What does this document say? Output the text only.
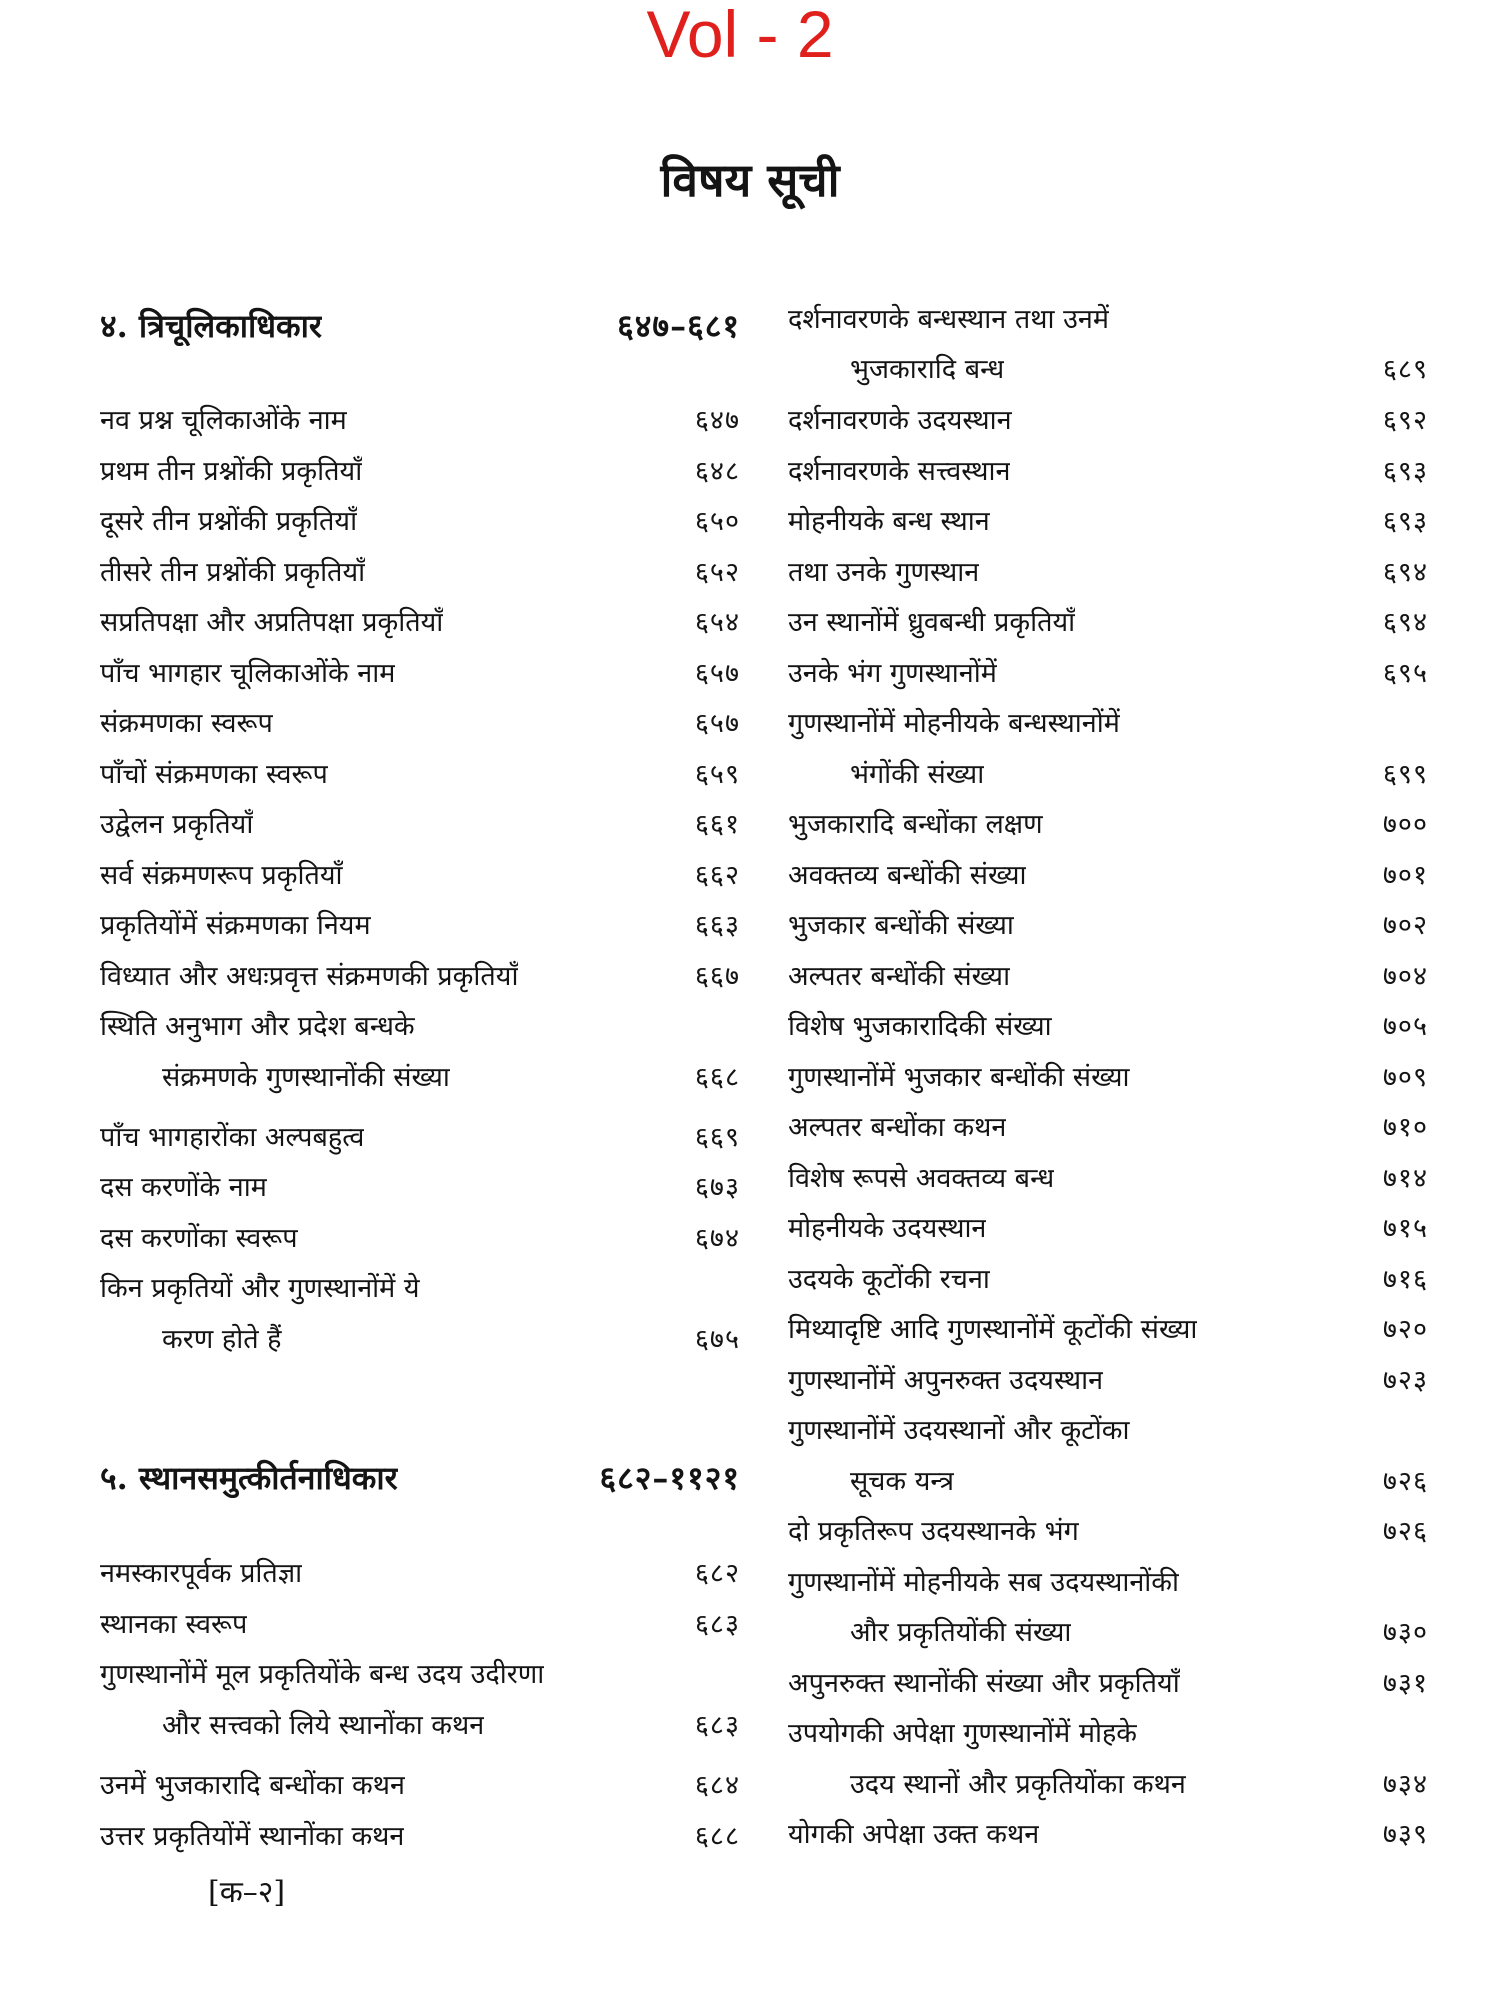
Vol - 2
विषय सूची
४. त्रिचूलिकाधिकार	६४७–६८१
नव प्रश्न चूलिकाओंके नाम	६४७
प्रथम तीन प्रश्नोंकी प्रकृतियाँ	६४८
दूसरे तीन प्रश्नोंकी प्रकृतियाँ	६५०
तीसरे तीन प्रश्नोंकी प्रकृतियाँ	६५२
सप्रतिपक्षा और अप्रतिपक्षा प्रकृतियाँ	६५४
पाँच भागहार चूलिकाओंके नाम	६५७
संक्रमणका स्वरूप	६५७
पाँचों संक्रमणका स्वरूप	६५९
उद्वेलन प्रकृतियाँ	६६१
सर्व संक्रमणरूप प्रकृतियाँ	६६२
प्रकृतियोंमें संक्रमणका नियम	६६३
विध्यात और अधःप्रवृत्त संक्रमणकी प्रकृतियाँ	६६७
स्थिति अनुभाग और प्रदेश बन्धके
संक्रमणके गुणस्थानोंकी संख्या	६६८
पाँच भागहारोंका अल्पबहुत्व	६६९
दस करणोंके नाम	६७३
दस करणोंका स्वरूप	६७४
किन प्रकृतियों और गुणस्थानोंमें ये
करण होते हैं	६७५
५. स्थानसमुत्कीर्तनाधिकार	६८२–११२१
नमस्कारपूर्वक प्रतिज्ञा	६८२
स्थानका स्वरूप	६८३
गुणस्थानोंमें मूल प्रकृतियोंके बन्ध उदय उदीरणा
और सत्त्वको लिये स्थानोंका कथन	६८३
उनमें भुजकारादि बन्धोंका कथन	६८४
उत्तर प्रकृतियोंमें स्थानोंका कथन	६८८
दर्शनावरणके बन्धस्थान तथा उनमें
भुजकारादि बन्ध	६८९
दर्शनावरणके उदयस्थान	६९२
दर्शनावरणके सत्त्वस्थान	६९३
मोहनीयके बन्ध स्थान	६९३
तथा उनके गुणस्थान	६९४
उन स्थानोंमें ध्रुवबन्धी प्रकृतियाँ	६९४
उनके भंग गुणस्थानोंमें	६९५
गुणस्थानोंमें मोहनीयके बन्धस्थानोंमें
भंगोंकी संख्या	६९९
भुजकारादि बन्धोंका लक्षण	७००
अवक्तव्य बन्धोंकी संख्या	७०१
भुजकार बन्धोंकी संख्या	७०२
अल्पतर बन्धोंकी संख्या	७०४
विशेष भुजकारादिकी संख्या	७०५
गुणस्थानोंमें भुजकार बन्धोंकी संख्या	७०९
अल्पतर बन्धोंका कथन	७१०
विशेष रूपसे अवक्तव्य बन्ध	७१४
मोहनीयके उदयस्थान	७१५
उदयके कूटोंकी रचना	७१६
मिथ्यादृष्टि आदि गुणस्थानोंमें कूटोंकी संख्या	७२०
गुणस्थानोंमें अपुनरुक्त उदयस्थान	७२३
गुणस्थानोंमें उदयस्थानों और कूटोंका
सूचक यन्त्र	७२६
दो प्रकृतिरूप उदयस्थानके भंग	७२६
गुणस्थानोंमें मोहनीयके सब उदयस्थानोंकी
और प्रकृतियोंकी संख्या	७३०
अपुनरुक्त स्थानोंकी संख्या और प्रकृतियाँ	७३१
उपयोगकी अपेक्षा गुणस्थानोंमें मोहके
उदय स्थानों और प्रकृतियोंका कथन	७३४
योगकी अपेक्षा उक्त कथन	७३९
[क–२]
